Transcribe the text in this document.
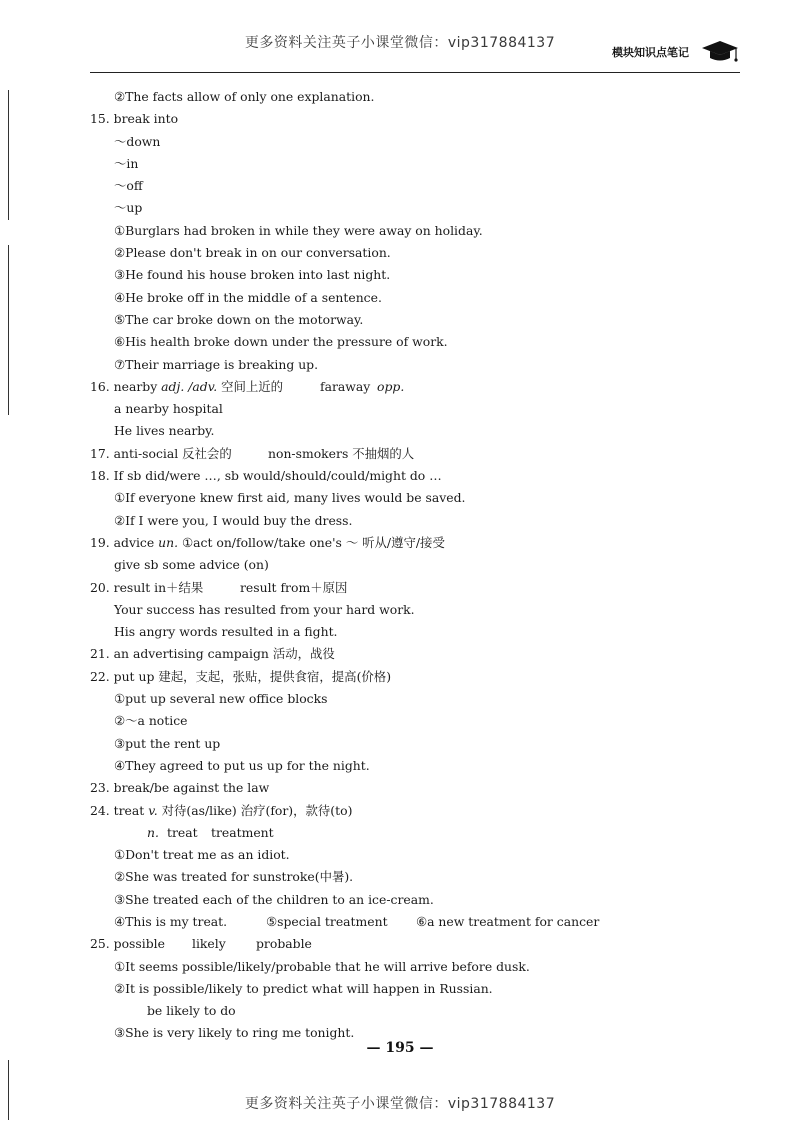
更多资料关注英子小课堂微信：vip317884137
模块知识点笔记
②The facts allow of only one explanation.
15. break into
～down
～in
～off
～up
①Burglars had broken in while they were away on holiday.
②Please don't break in on our conversation.
③He found his house broken into last night.
④He broke off in the middle of a sentence.
⑤The car broke down on the motorway.
⑥His health broke down under the pressure of work.
⑦Their marriage is breaking up.
16. nearby adj. /adv. 空间上近的	faraway opp.
a nearby hospital
He lives nearby.
17. anti-social 反社会的	non-smokers 不抽烟的人
18. If sb did/were …, sb would/should/could/might do …
①If everyone knew first aid, many lives would be saved.
②If I were you, I would buy the dress.
19. advice un. ①act on/follow/take one's ～ 听从/遵守/接受
give sb some advice (on)
20. result in＋结果	result from＋原因
Your success has resulted from your hard work.
His angry words resulted in a fight.
21. an advertising campaign 活动，战役
22. put up 建起，支起，张贴，提供食宿，提高(价格)
①put up several new office blocks
②～a notice
③put the rent up
④They agreed to put us up for the night.
23. break/be against the law
24. treat v. 对待(as/like) 治疗(for)，款待(to)
n. treat treatment
①Don't treat me as an idiot.
②She was treated for sunstroke(中暑).
③She treated each of the children to an ice-cream.
④This is my treat.	⑤special treatment ⑥a new treatment for cancer
25. possible likely probable
①It seems possible/likely/probable that he will arrive before dusk.
②It is possible/likely to predict what will happen in Russian.
be likely to do
③She is very likely to ring me tonight.
— 195 —
更多资料关注英子小课堂微信：vip317884137
